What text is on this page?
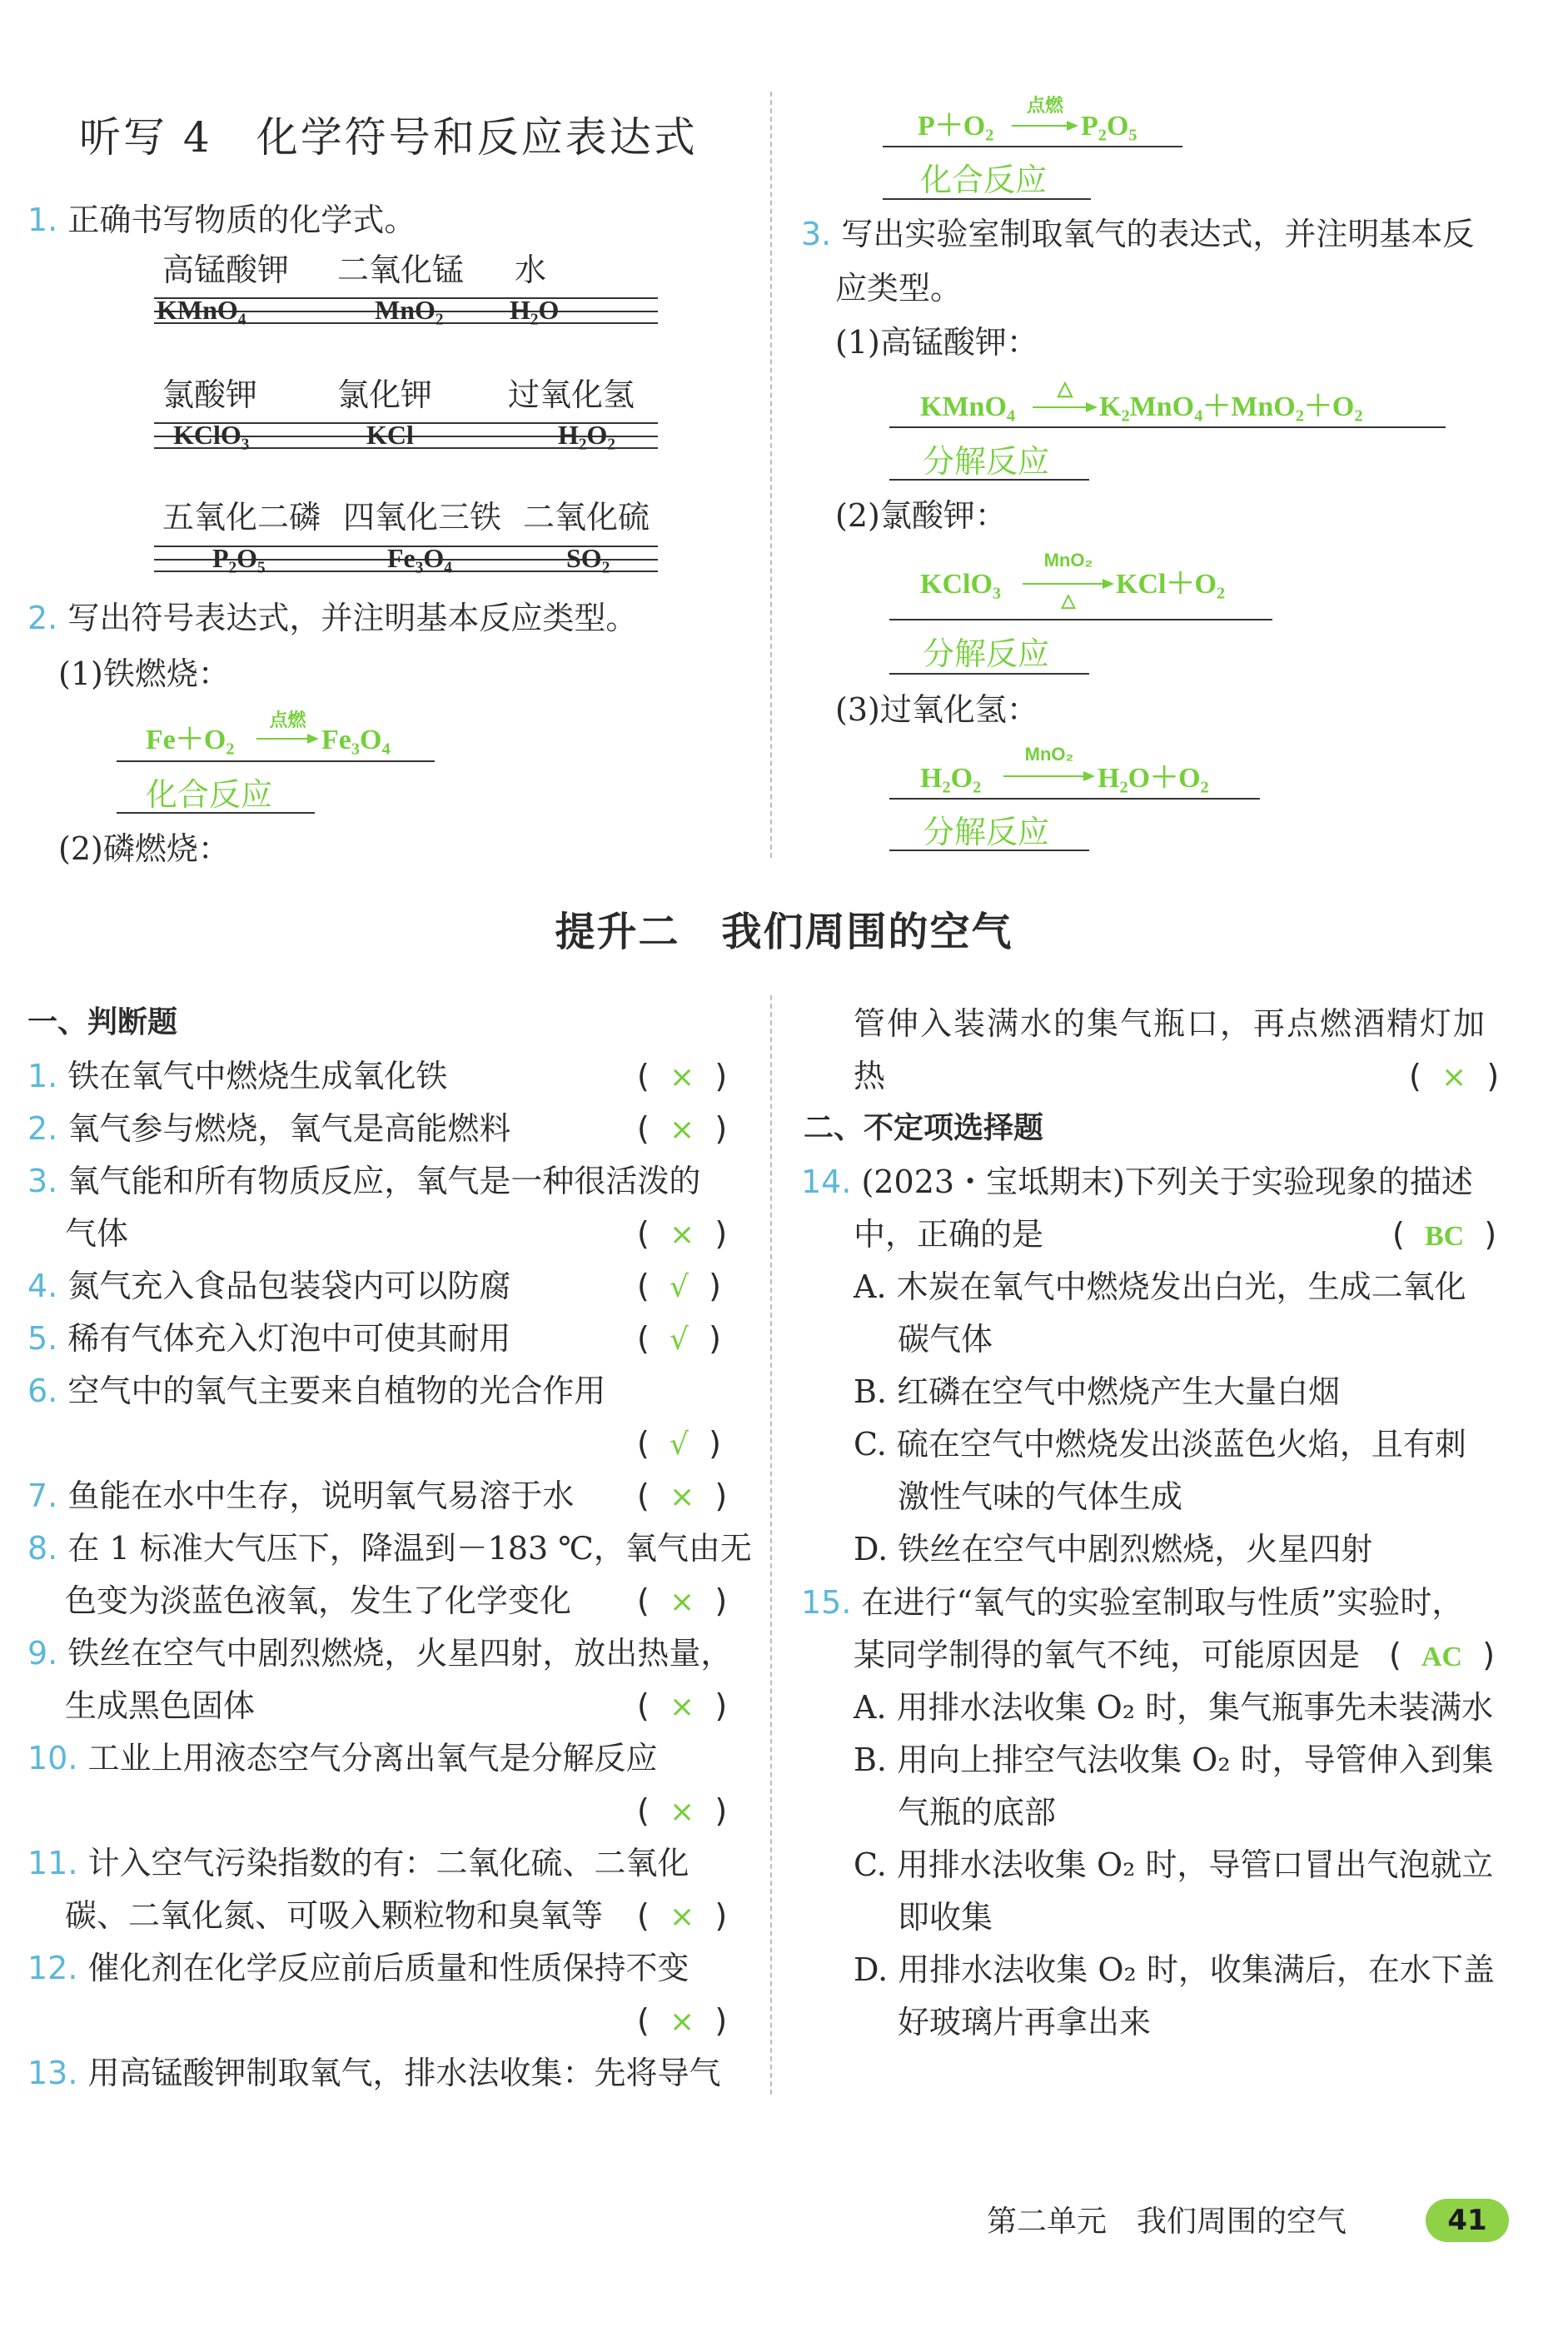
听写 4　化学符号和反应表达式
1. 正确书写物质的化学式。
高锰酸钾 二氧化锰 水
KMnO₄	MnO₂ H₂O
氯酸钾	氯化钾 过氧化氢
KClO₃	KCl	H₂O₂
五氧化二磷 四氧化三铁 二氧化硫
P₂O₅	Fe₃O₄	SO₂
2. 写出符号表达式，并注明基本反应类型。
(1)铁燃烧：
Fe＋O₂
点燃
Fe₃O₄
化合反应
(2)磷燃烧：
P＋O₂
点燃
P₂O₅
化合反应
3. 写出实验室制取氧气的表达式，并注明基本反
应类型。
(1)高锰酸钾：
KMnO₄
△
K₂MnO₄＋MnO₂＋O₂
分解反应
(2)氯酸钾：
KClO₃
MnO₂
△
KCl＋O₂
分解反应
(3)过氧化氢：
H₂O₂
MnO₂
H₂O＋O₂
分解反应
提升二　我们周围的空气
一、判断题
1. 铁在氧气中燃烧生成氧化铁	(  ×  )
2. 氧气参与燃烧，氧气是高能燃料	(  ×  )
3. 氧气能和所有物质反应，氧气是一种很活泼的
气体	(  ×  )
4. 氮气充入食品包装袋内可以防腐	(  √  )
5. 稀有气体充入灯泡中可使其耐用	(  √  )
6. 空气中的氧气主要来自植物的光合作用
(  √  )
7. 鱼能在水中生存，说明氧气易溶于水 (  ×  )
8. 在 1 标准大气压下，降温到－183 ℃，氧气由无
色变为淡蓝色液氧，发生了化学变化 (  ×  )
9. 铁丝在空气中剧烈燃烧，火星四射，放出热量，
生成黑色固体	(  ×  )
10. 工业上用液态空气分离出氧气是分解反应
(  ×  )
11. 计入空气污染指数的有：二氧化硫、二氧化
碳、二氧化氮、可吸入颗粒物和臭氧等 (  ×  )
12. 催化剂在化学反应前后质量和性质保持不变
(  ×  )
13. 用高锰酸钾制取氧气，排水法收集：先将导气
管伸入装满水的集气瓶口，再点燃酒精灯加
热	(  ×  )
二、不定项选择题
14. (2023・宝坻期末)下列关于实验现象的描述
中，正确的是	(  BC  )
A. 木炭在氧气中燃烧发出白光，生成二氧化
碳气体
B. 红磷在空气中燃烧产生大量白烟
C. 硫在空气中燃烧发出淡蓝色火焰，且有刺
激性气味的气体生成
D. 铁丝在空气中剧烈燃烧，火星四射
15. 在进行“氧气的实验室制取与性质”实验时，
某同学制得的氧气不纯，可能原因是 (  AC  )
A. 用排水法收集 O₂ 时，集气瓶事先未装满水
B. 用向上排空气法收集 O₂ 时，导管伸入到集
气瓶的底部
C. 用排水法收集 O₂ 时，导管口冒出气泡就立
即收集
D. 用排水法收集 O₂ 时，收集满后，在水下盖
好玻璃片再拿出来
第二单元　我们周围的空气	41
